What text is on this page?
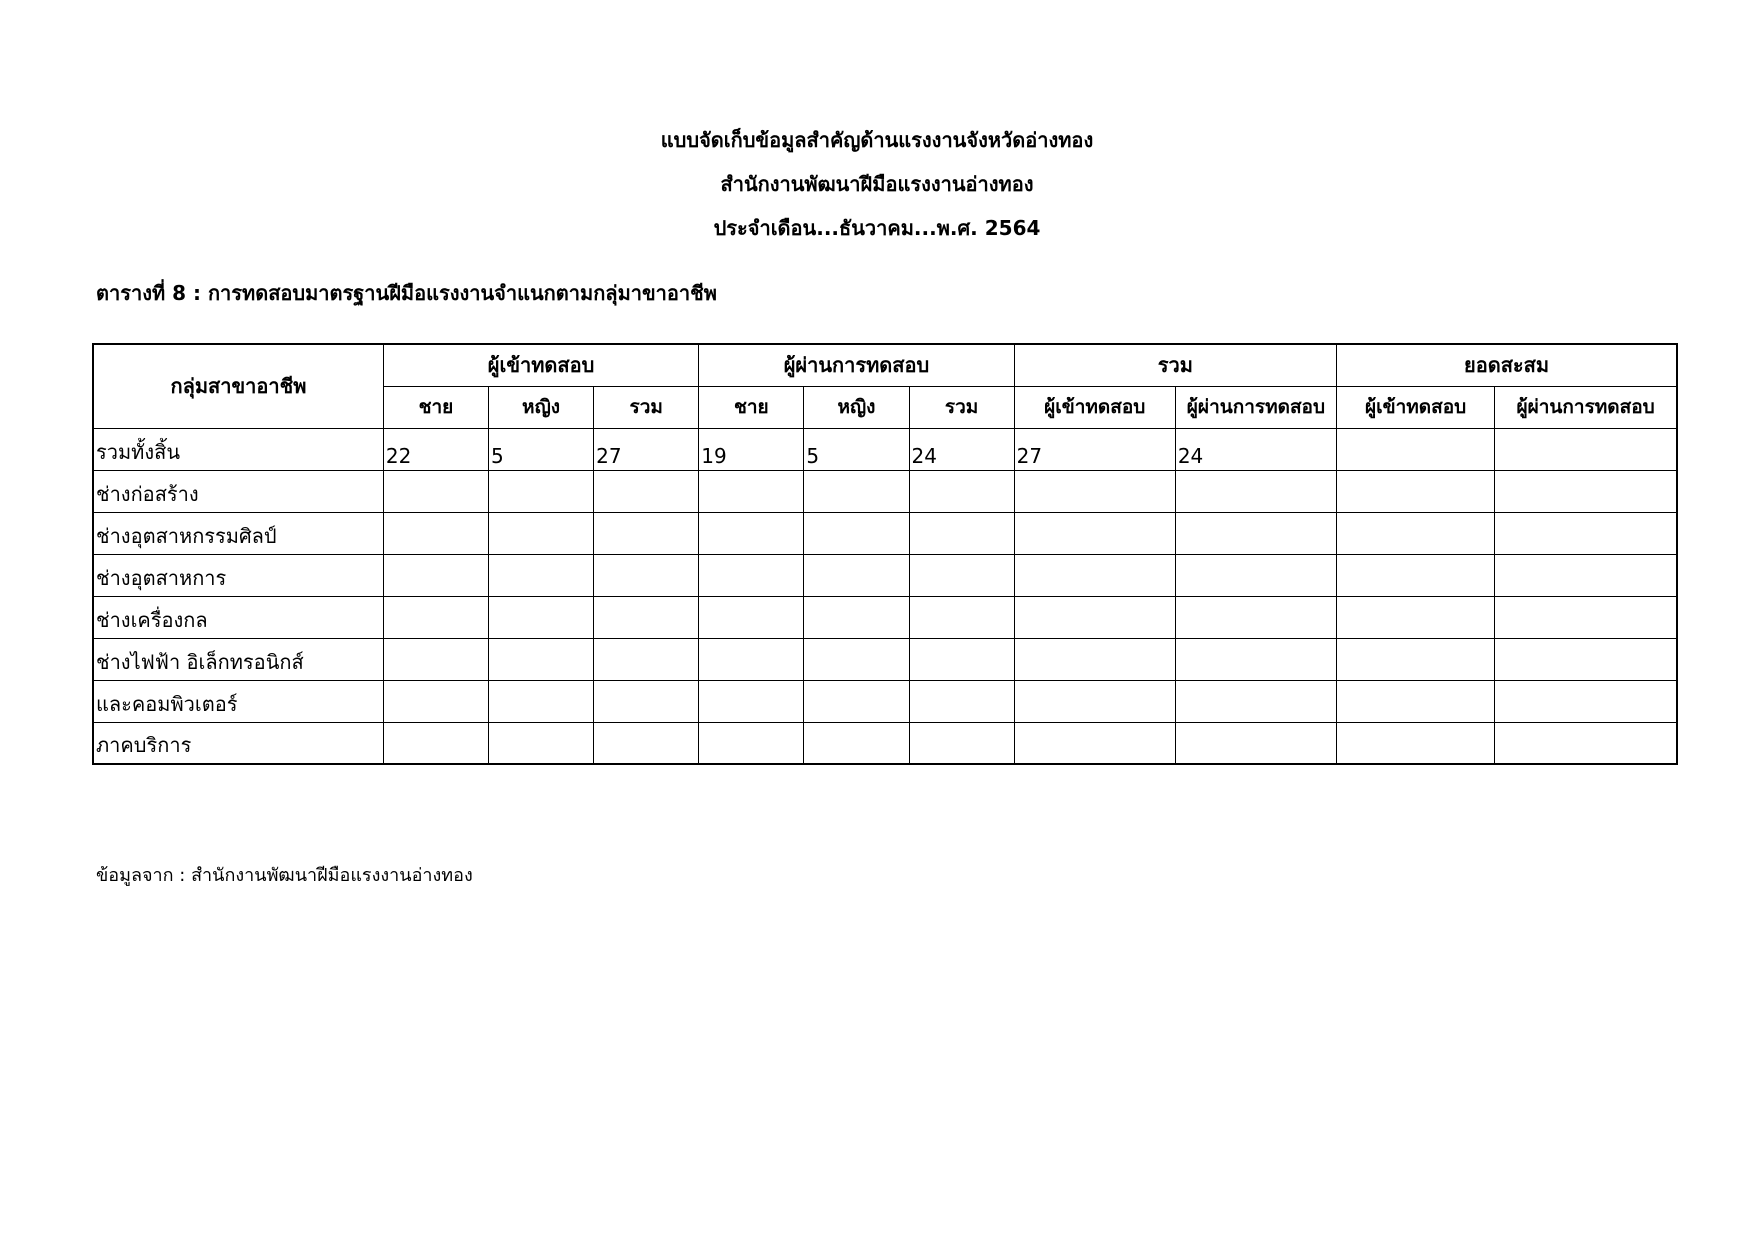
แบบจัดเก็บข้อมูลสำคัญด้านแรงงานจังหวัดอ่างทอง
สำนักงานพัฒนาฝีมือแรงงานอ่างทอง
ประจำเดือน...ธันวาคม...พ.ศ. 2564
ตารางที่ 8 : การทดสอบมาตรฐานฝีมือแรงงานจำแนกตามกลุ่มาขาอาชีพ
กลุ่มสาขาอาชีพ	ผู้เข้าทดสอบ			ผู้ผ่านการทดสอบ			รวม		ยอดสะสม	
	ชาย	หญิง	รวม	ชาย	หญิง	รวม	ผู้เข้าทดสอบ	ผู้ผ่านการทดสอบ	ผู้เข้าทดสอบ	ผู้ผ่านการทดสอบ
รวมทั้งสิ้น	22	5	27	19	5	24	27	24		
ช่างก่อสร้าง										
ช่างอุตสาหกรรมศิลป์										
ช่างอุตสาหการ										
ช่างเครื่องกล										
ช่างไฟฟ้า อิเล็กทรอนิกส์										
และคอมพิวเตอร์										
ภาคบริการ										
ข้อมูลจาก : สำนักงานพัฒนาฝีมือแรงงานอ่างทอง
